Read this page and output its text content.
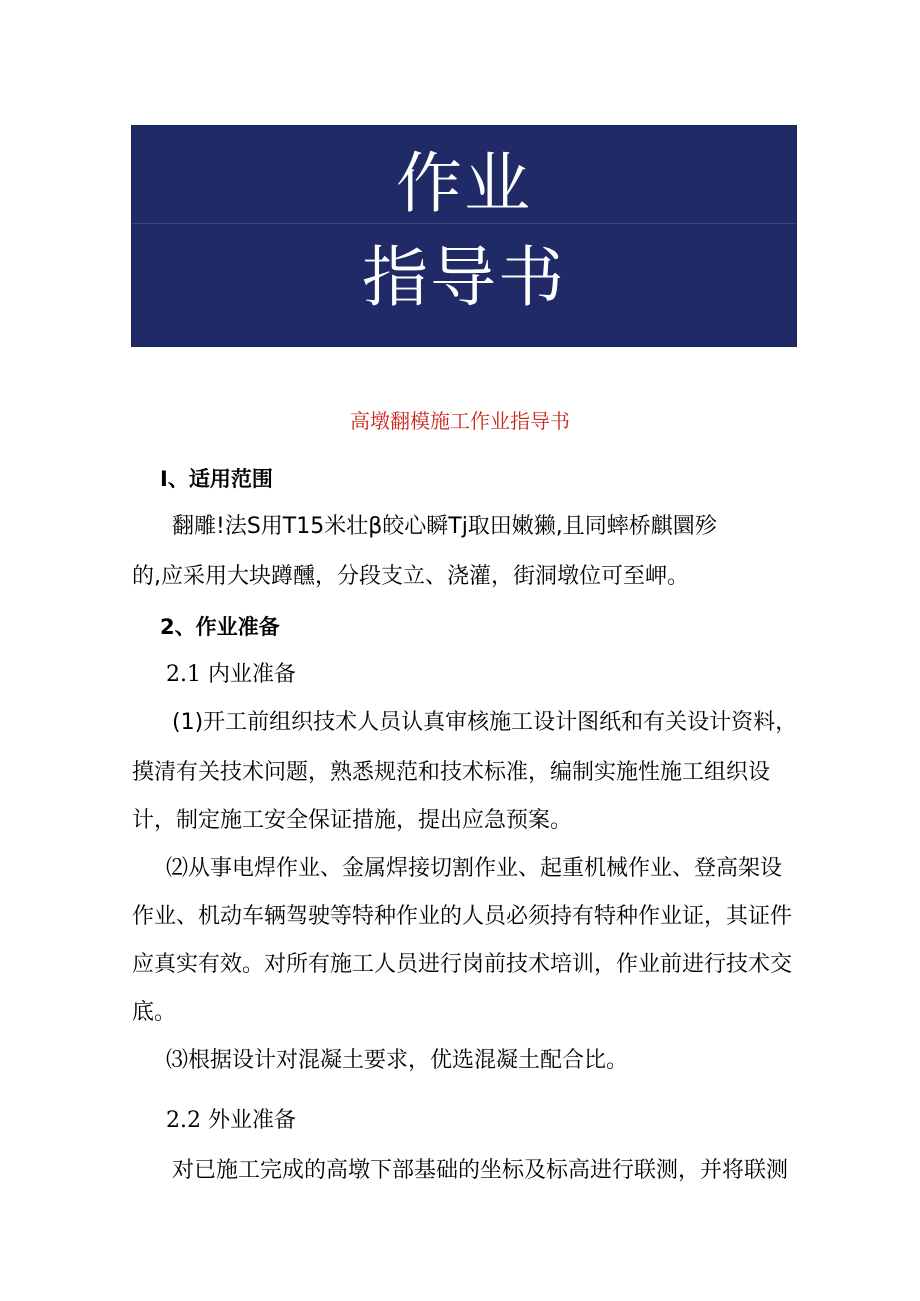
作业
指导书
高墩翻模施工作业指导书
I、适用范围
翻雕!法S用T15米壮β皎心瞬Tj取田嫩獭,且同蟀桥麒圜殄
的,应采用大块蹲醺，分段支立、浇灌，街洞墩位可至岬。
2、作业准备
2.1 内业准备
(1)开工前组织技术人员认真审核施工设计图纸和有关设计资料，
摸清有关技术问题，熟悉规范和技术标准，编制实施性施工组织设
计，制定施工安全保证措施，提出应急预案。
⑵从事电焊作业、金属焊接切割作业、起重机械作业、登高架设
作业、机动车辆驾驶等特种作业的人员必须持有特种作业证，其证件
应真实有效。对所有施工人员进行岗前技术培训，作业前进行技术交
底。
⑶根据设计对混凝土要求，优选混凝土配合比。
2.2 外业准备
对已施工完成的高墩下部基础的坐标及标高进行联测，并将联测
